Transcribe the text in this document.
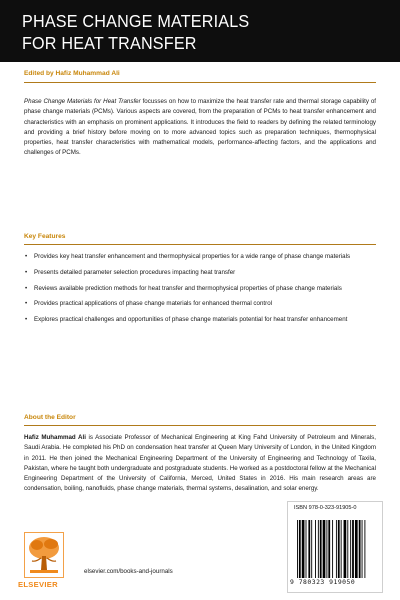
PHASE CHANGE MATERIALS
FOR HEAT TRANSFER
Edited by Hafiz Muhammad Ali
Phase Change Materials for Heat Transfer focusses on how to maximize the heat transfer rate and thermal storage capability of phase change materials (PCMs). Various aspects are covered, from the preparation of PCMs to heat transfer enhancement and characteristics with an emphasis on prominent applications. It introduces the field to readers by defining the related terminology and providing a brief history before moving on to more advanced topics such as preparation techniques, thermophysical properties, heat transfer characteristics with mathematical models, performance-affecting factors, and the applications and challenges of PCMs.
Key Features
• Provides key heat transfer enhancement and thermophysical properties for a wide range of phase change materials
• Presents detailed parameter selection procedures impacting heat transfer
• Reviews available prediction methods for heat transfer and thermophysical properties of phase change materials
• Provides practical applications of phase change materials for enhanced thermal control
• Explores practical challenges and opportunities of phase change materials potential for heat transfer enhancement
About the Editor
Hafiz Muhammad Ali is Associate Professor of Mechanical Engineering at King Fahd University of Petroleum and Minerals, Saudi Arabia. He completed his PhD on condensation heat transfer at Queen Mary University of London, in the United Kingdom in 2011. He then joined the Mechanical Engineering Department of the University of Engineering and Technology of Taxila, Pakistan, where he taught both undergraduate and postgraduate students. He worked as a postdoctoral fellow at the Mechanical Engineering Department of the University of California, Merced, United States in 2016. His main research areas are condensation, boiling, nanofluids, phase change materials, thermal systems, desalination, and solar energy.
ELSEVIER
elsevier.com/books-and-journals
ISBN 978-0-323-91905-0
9 780323 919050
